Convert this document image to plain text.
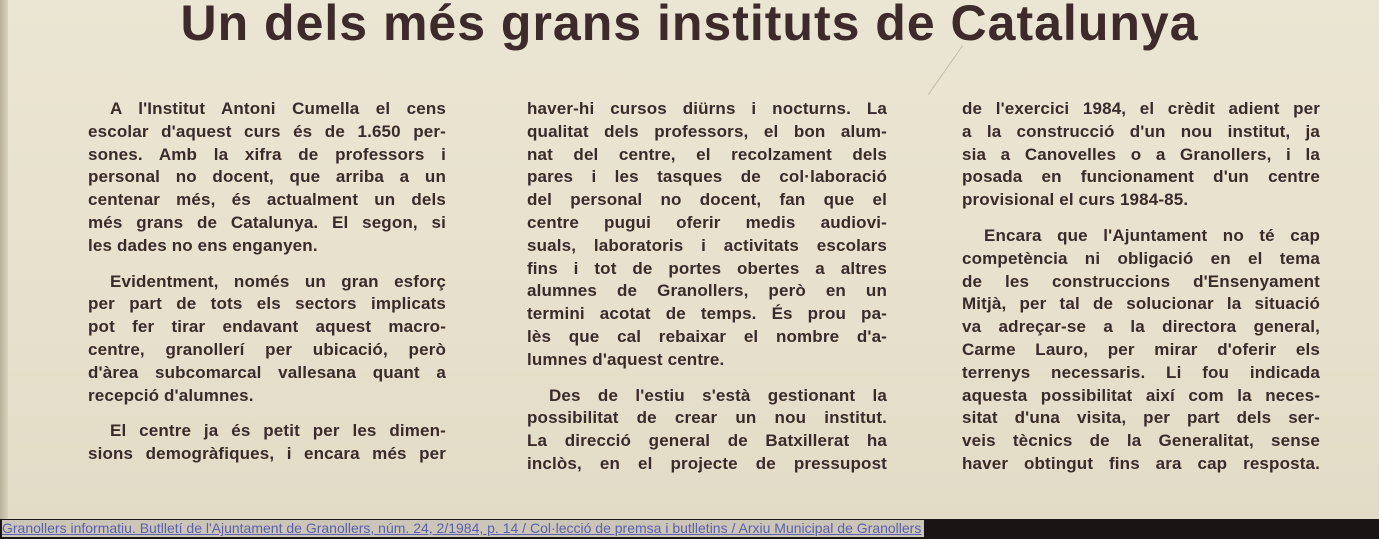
Un dels més grans instituts de Catalunya
A l'Institut Antoni Cumella el cens
escolar d'aquest curs és de 1.650 per-
sones. Amb la xifra de professors i
personal no docent, que arriba a un
centenar més, és actualment un dels
més grans de Catalunya. El segon, si
les dades no ens enganyen.
Evidentment, només un gran esforç
per part de tots els sectors implicats
pot fer tirar endavant aquest macro-
centre, granollerí per ubicació, però
d'àrea subcomarcal vallesana quant a
recepció d'alumnes.
El centre ja és petit per les dimen-
sions demogràfiques, i encara més per
haver-hi cursos diürns i nocturns. La
qualitat dels professors, el bon alum-
nat del centre, el recolzament dels
pares i les tasques de col·laboració
del personal no docent, fan que el
centre pugui oferir medis audiovi-
suals, laboratoris i activitats escolars
fins i tot de portes obertes a altres
alumnes de Granollers, però en un
termini acotat de temps. És prou pa-
lès que cal rebaixar el nombre d'a-
lumnes d'aquest centre.
Des de l'estiu s'està gestionant la
possibilitat de crear un nou institut.
La direcció general de Batxillerat ha
inclòs, en el projecte de pressupost
de l'exercici 1984, el crèdit adient per
a la construcció d'un nou institut, ja
sia a Canovelles o a Granollers, i la
posada en funcionament d'un centre
provisional el curs 1984-85.
Encara que l'Ajuntament no té cap
competència ni obligació en el tema
de les construccions d'Ensenyament
Mitjà, per tal de solucionar la situació
va adreçar-se a la directora general,
Carme Lauro, per mirar d'oferir els
terrenys necessaris. Li fou indicada
aquesta possibilitat així com la neces-
sitat d'una visita, per part dels ser-
veis tècnics de la Generalitat, sense
haver obtingut fins ara cap resposta.
Granollers informatiu. Butlletí de l'Ajuntament de Granollers, núm. 24, 2/1984, p. 14 / Col·lecció de premsa i butlletins / Arxiu Municipal de Granollers
